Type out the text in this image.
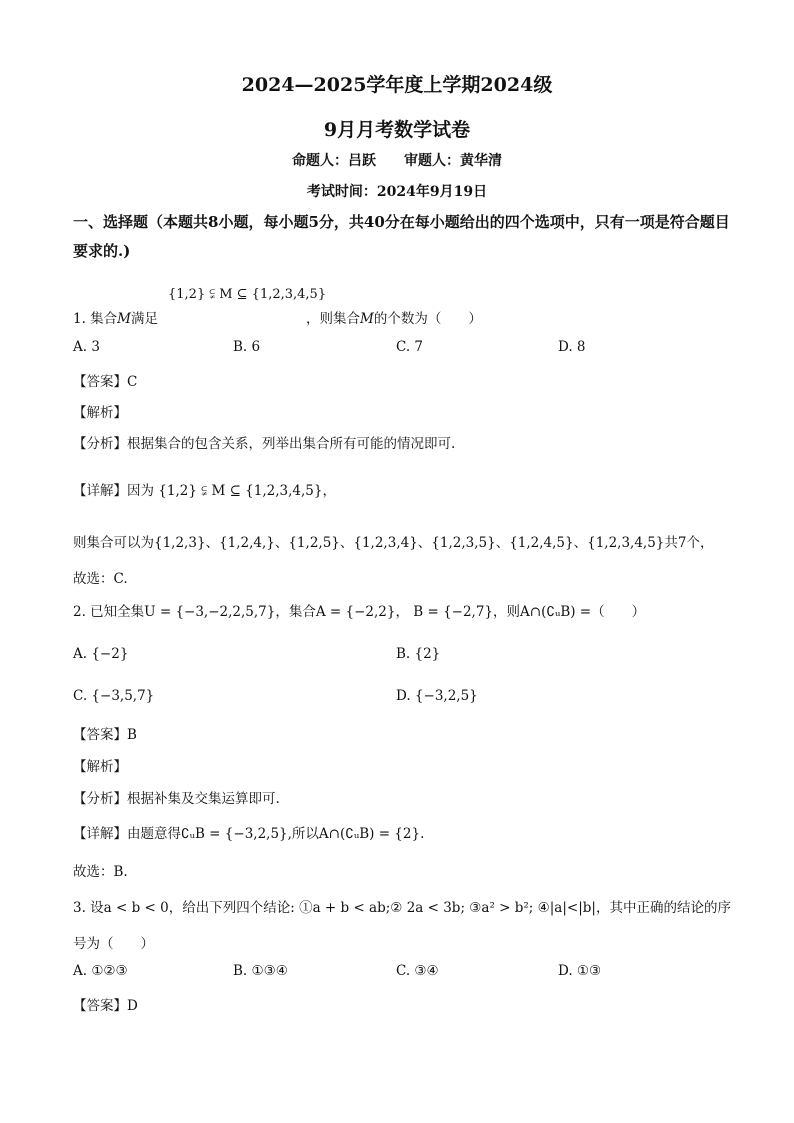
2024—2025学年度上学期2024级
9月月考数学试卷
命题人：吕跃　　审题人：黄华清
考试时间：2024年9月19日
一、选择题（本题共8小题，每小题5分，共40分在每小题给出的四个选项中，只有一项是符合题目要求的.)
{1,2} ⫋ M ⊆ {1,2,3,4,5}
1. 集合M满足	，则集合M的个数为（　　）
A. 3	B. 6	C. 7	D. 8
【答案】C
【解析】
【分析】根据集合的包含关系，列举出集合所有可能的情况即可.
【详解】因为 {1,2} ⫋ M ⊆ {1,2,3,4,5}，
则集合可以为{1,2,3}、{1,2,4,}、{1,2,5}、{1,2,3,4}、{1,2,3,5}、{1,2,4,5}、{1,2,3,4,5}共7个，
故选：C.
2. 已知全集U = {−3,−2,2,5,7}，集合A = {−2,2}， B = {−2,7}，则A∩(∁ᵤB) =（　　）
A. {−2}	B. {2}
C. {−3,5,7}	D. {−3,2,5}
【答案】B
【解析】
【分析】根据补集及交集运算即可.
【详解】由题意得∁ᵤB = {−3,2,5},所以A∩(∁ᵤB) = {2}.
故选：B.
3. 设a < b < 0，给出下列四个结论: ①a + b < ab;② 2a < 3b; ③a² > b²; ④|a|<|b|，其中正确的结论的序
号为（　　）
A. ①②③	B. ①③④	C. ③④	D. ①③
【答案】D
